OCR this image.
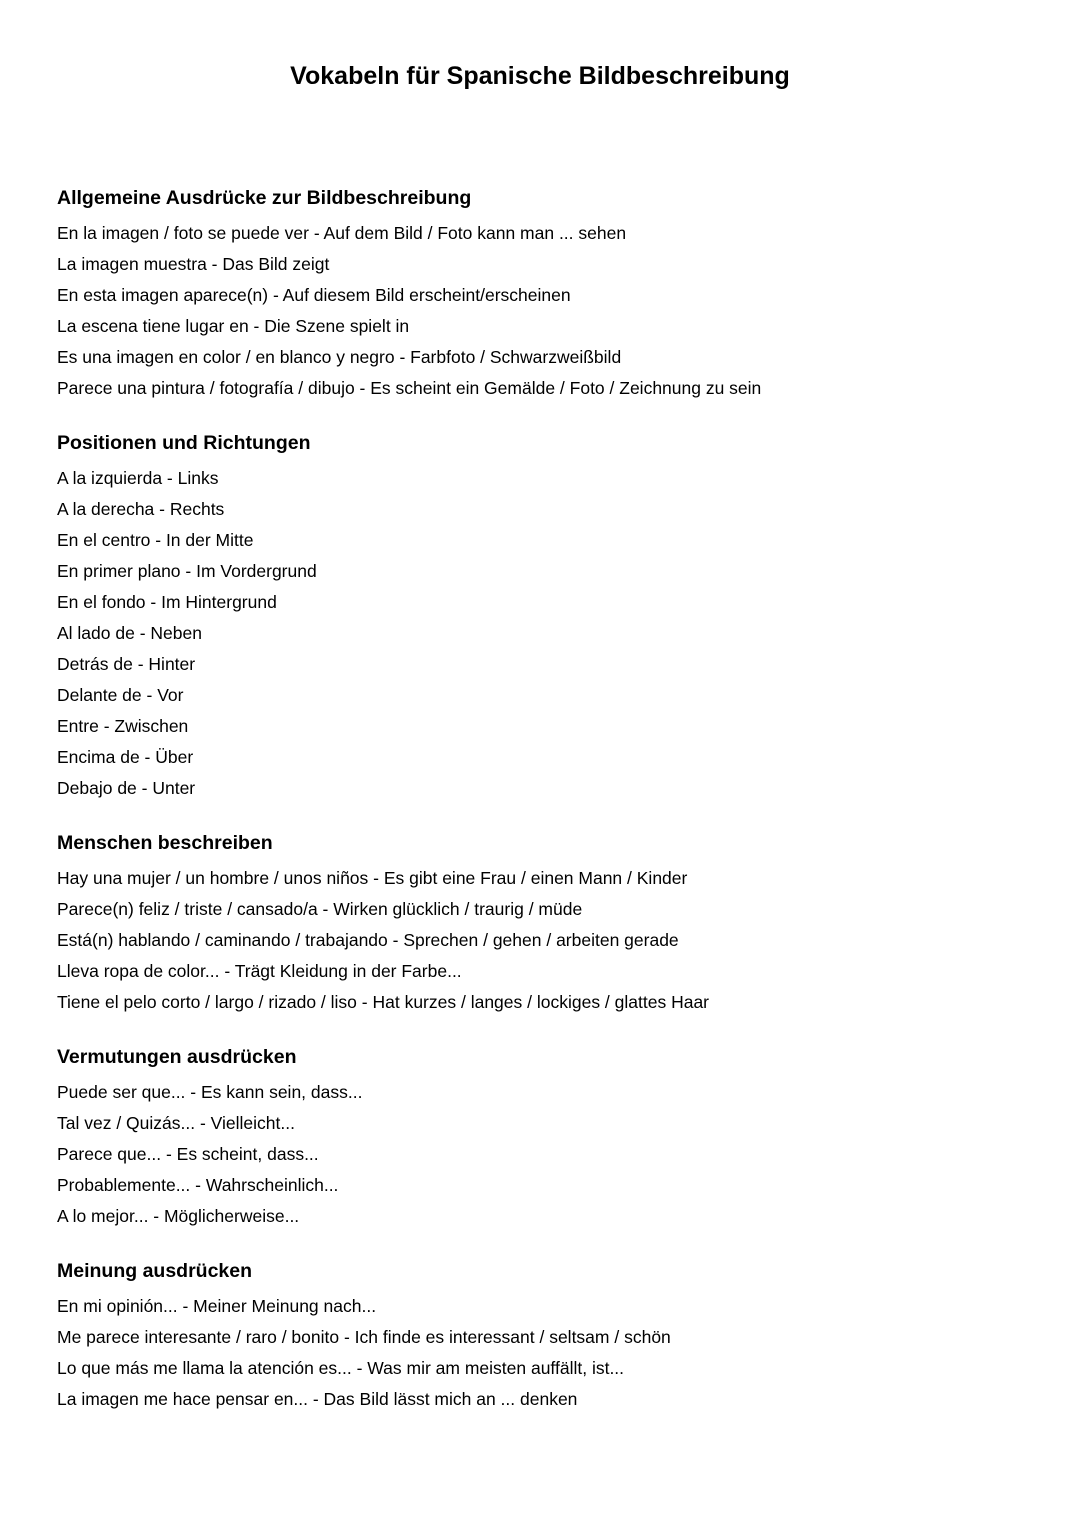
Vokabeln für Spanische Bildbeschreibung
Allgemeine Ausdrücke zur Bildbeschreibung
En la imagen / foto se puede ver - Auf dem Bild / Foto kann man ... sehen
La imagen muestra - Das Bild zeigt
En esta imagen aparece(n) - Auf diesem Bild erscheint/erscheinen
La escena tiene lugar en - Die Szene spielt in
Es una imagen en color / en blanco y negro - Farbfoto / Schwarzweißbild
Parece una pintura / fotografía / dibujo - Es scheint ein Gemälde / Foto / Zeichnung zu sein
Positionen und Richtungen
A la izquierda - Links
A la derecha - Rechts
En el centro - In der Mitte
En primer plano - Im Vordergrund
En el fondo - Im Hintergrund
Al lado de - Neben
Detrás de - Hinter
Delante de - Vor
Entre - Zwischen
Encima de - Über
Debajo de - Unter
Menschen beschreiben
Hay una mujer / un hombre / unos niños - Es gibt eine Frau / einen Mann / Kinder
Parece(n) feliz / triste / cansado/a - Wirken glücklich / traurig / müde
Está(n) hablando / caminando / trabajando - Sprechen / gehen / arbeiten gerade
Lleva ropa de color... - Trägt Kleidung in der Farbe...
Tiene el pelo corto / largo / rizado / liso - Hat kurzes / langes / lockiges / glattes Haar
Vermutungen ausdrücken
Puede ser que... - Es kann sein, dass...
Tal vez / Quizás... - Vielleicht...
Parece que... - Es scheint, dass...
Probablemente... - Wahrscheinlich...
A lo mejor... - Möglicherweise...
Meinung ausdrücken
En mi opinión... - Meiner Meinung nach...
Me parece interesante / raro / bonito - Ich finde es interessant / seltsam / schön
Lo que más me llama la atención es... - Was mir am meisten auffällt, ist...
La imagen me hace pensar en... - Das Bild lässt mich an ... denken
